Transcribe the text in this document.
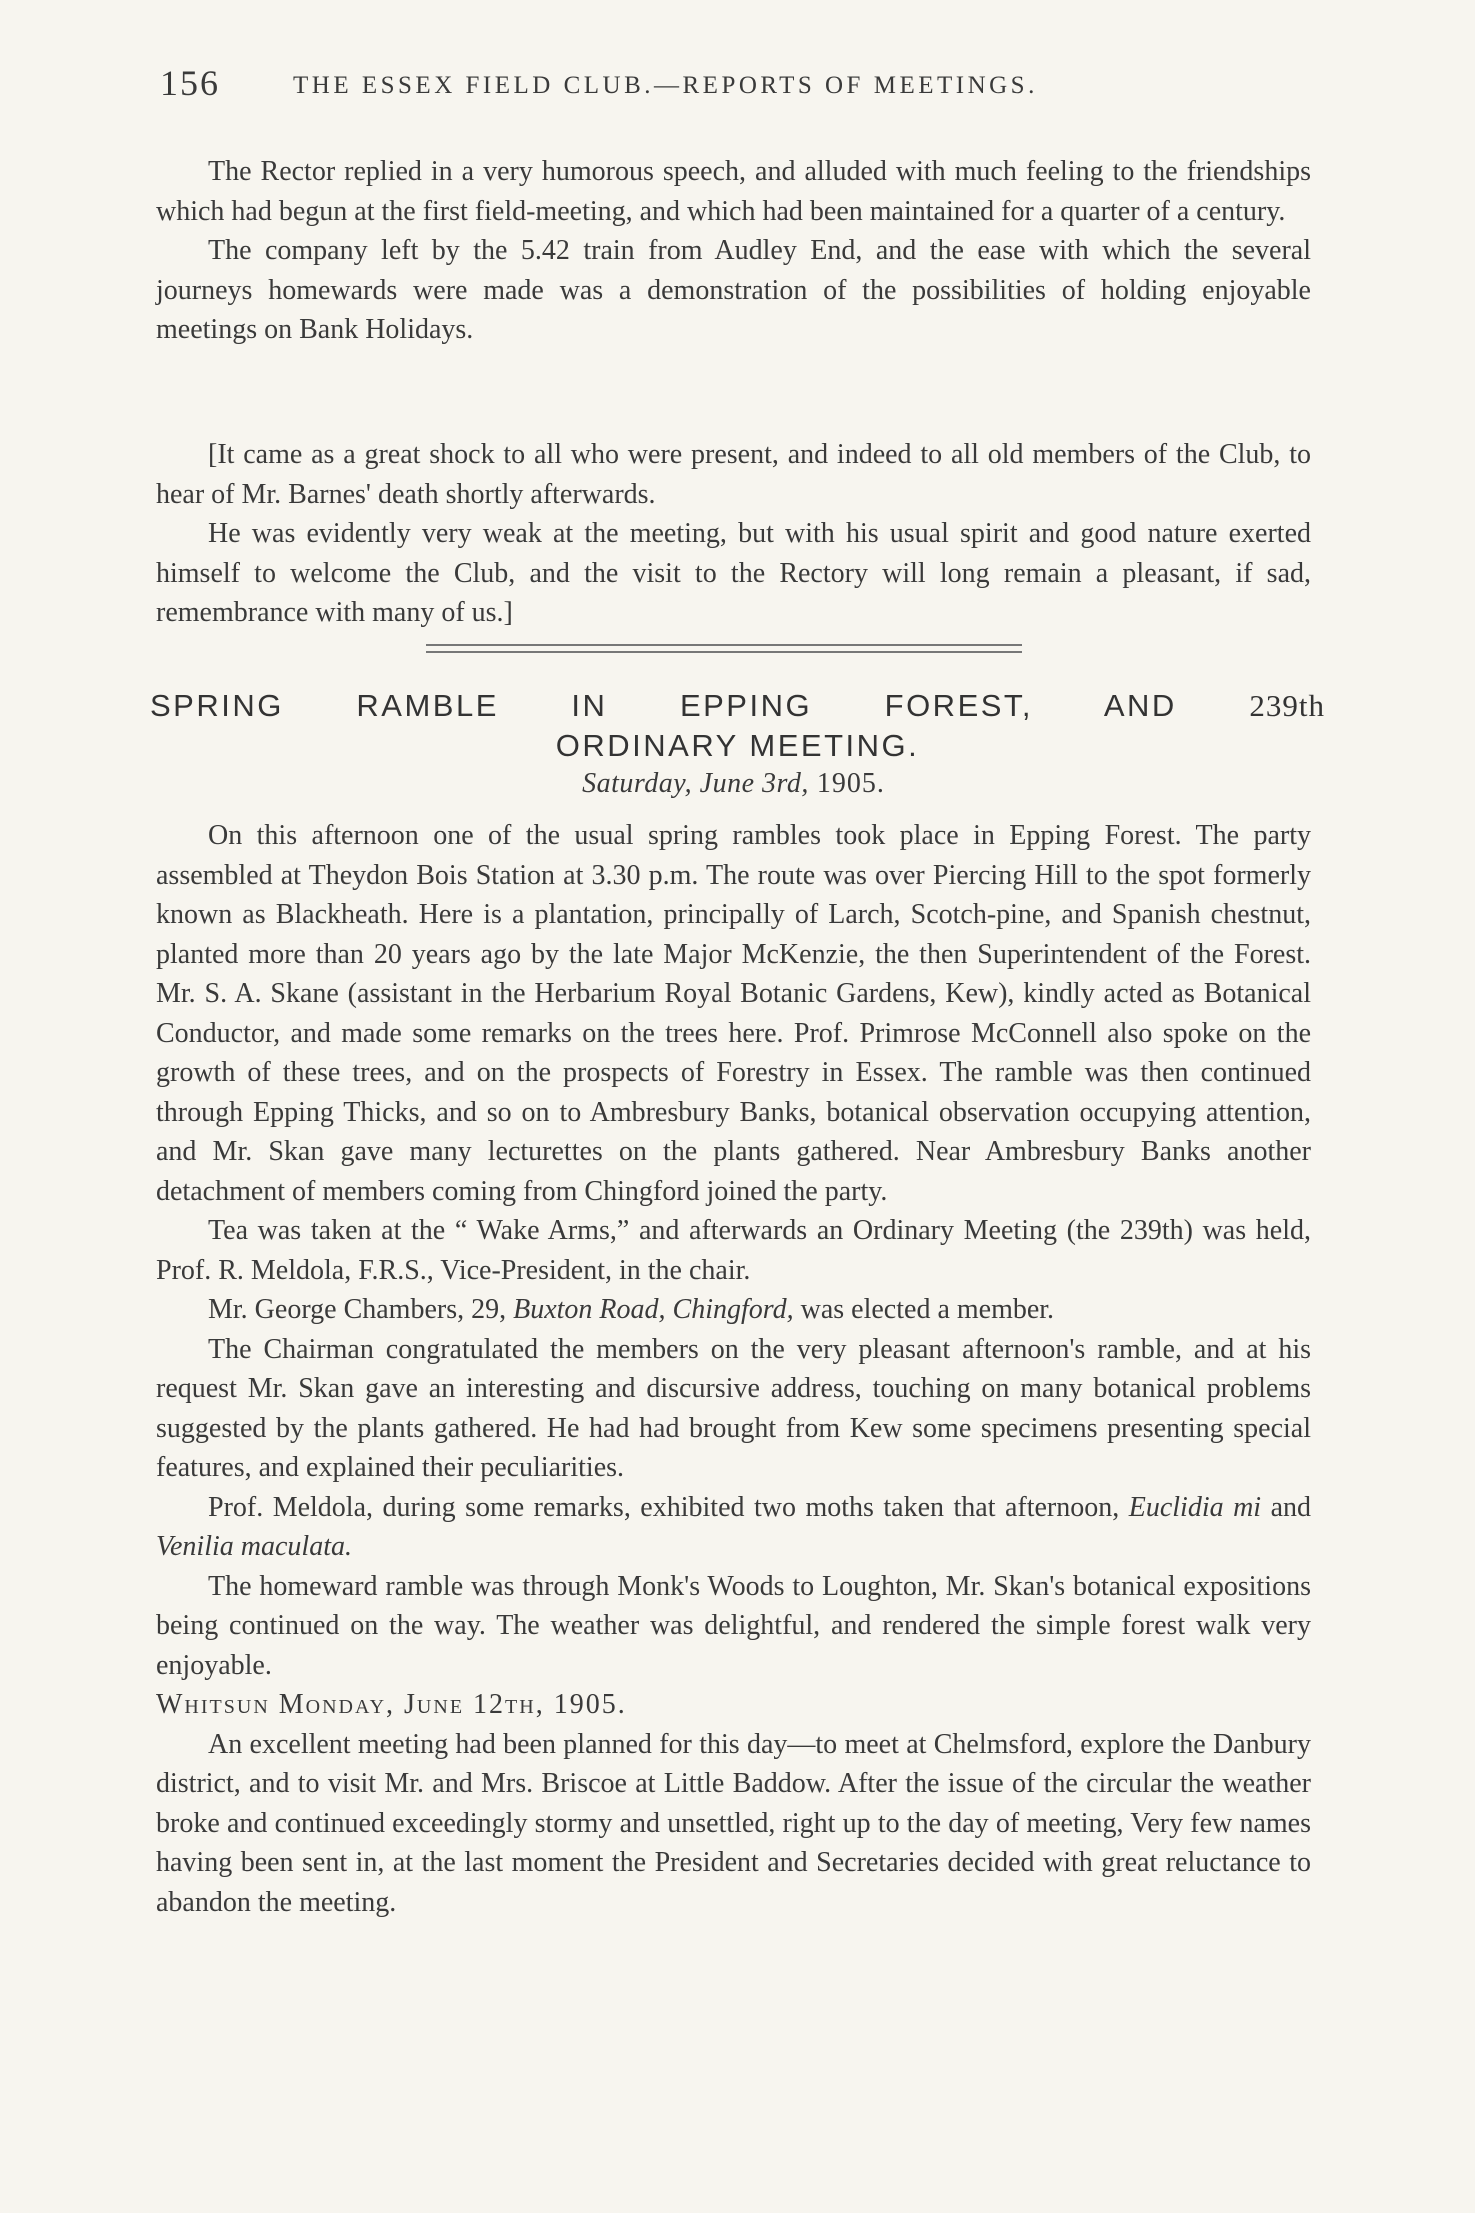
156	THE ESSEX FIELD CLUB.—REPORTS OF MEETINGS.

The Rector replied in a very humorous speech, and alluded with much feeling to the friendships which had begun at the first field-meeting, and which had been maintained for a quarter of a century.

The company left by the 5.42 train from Audley End, and the ease with which the several journeys homewards were made was a demonstration of the possibilities of holding enjoyable meetings on Bank Holidays.

[It came as a great shock to all who were present, and indeed to all old members of the Club, to hear of Mr. Barnes' death shortly afterwards.

He was evidently very weak at the meeting, but with his usual spirit and good nature exerted himself to welcome the Club, and the visit to the Rectory will long remain a pleasant, if sad, remembrance with many of us.]

SPRING RAMBLE IN EPPING FOREST, AND 239th
ORDINARY MEETING.
Saturday, June 3rd, 1905.

On this afternoon one of the usual spring rambles took place in Epping Forest. The party assembled at Theydon Bois Station at 3.30 p.m. The route was over Piercing Hill to the spot formerly known as Blackheath. Here is a plantation, principally of Larch, Scotch-pine, and Spanish chestnut, planted more than 20 years ago by the late Major McKenzie, the then Superintendent of the Forest. Mr. S. A. Skane (assistant in the Herbarium Royal Botanic Gardens, Kew), kindly acted as Botanical Conductor, and made some remarks on the trees here. Prof. Primrose McConnell also spoke on the growth of these trees, and on the prospects of Forestry in Essex. The ramble was then continued through Epping Thicks, and so on to Ambresbury Banks, botanical observation occupying attention, and Mr. Skan gave many lecturettes on the plants gathered. Near Ambresbury Banks another detachment of members coming from Chingford joined the party.

Tea was taken at the “ Wake Arms,” and afterwards an Ordinary Meeting (the 239th) was held, Prof. R. Meldola, F.R.S., Vice-President, in the chair.

Mr. George Chambers, 29, Buxton Road, Chingford, was elected a member.

The Chairman congratulated the members on the very pleasant afternoon's ramble, and at his request Mr. Skan gave an interesting and discursive address, touching on many botanical problems suggested by the plants gathered. He had had brought from Kew some specimens presenting special features, and explained their peculiarities.

Prof. Meldola, during some remarks, exhibited two moths taken that afternoon, Euclidia mi and Venilia maculata.

The homeward ramble was through Monk's Woods to Loughton, Mr. Skan's botanical expositions being continued on the way. The weather was delightful, and rendered the simple forest walk very enjoyable.

Whitsun Monday, June 12th, 1905.

An excellent meeting had been planned for this day—to meet at Chelmsford, explore the Danbury district, and to visit Mr. and Mrs. Briscoe at Little Baddow. After the issue of the circular the weather broke and continued exceedingly stormy and unsettled, right up to the day of meeting, Very few names having been sent in, at the last moment the President and Secretaries decided with great reluctance to abandon the meeting.
